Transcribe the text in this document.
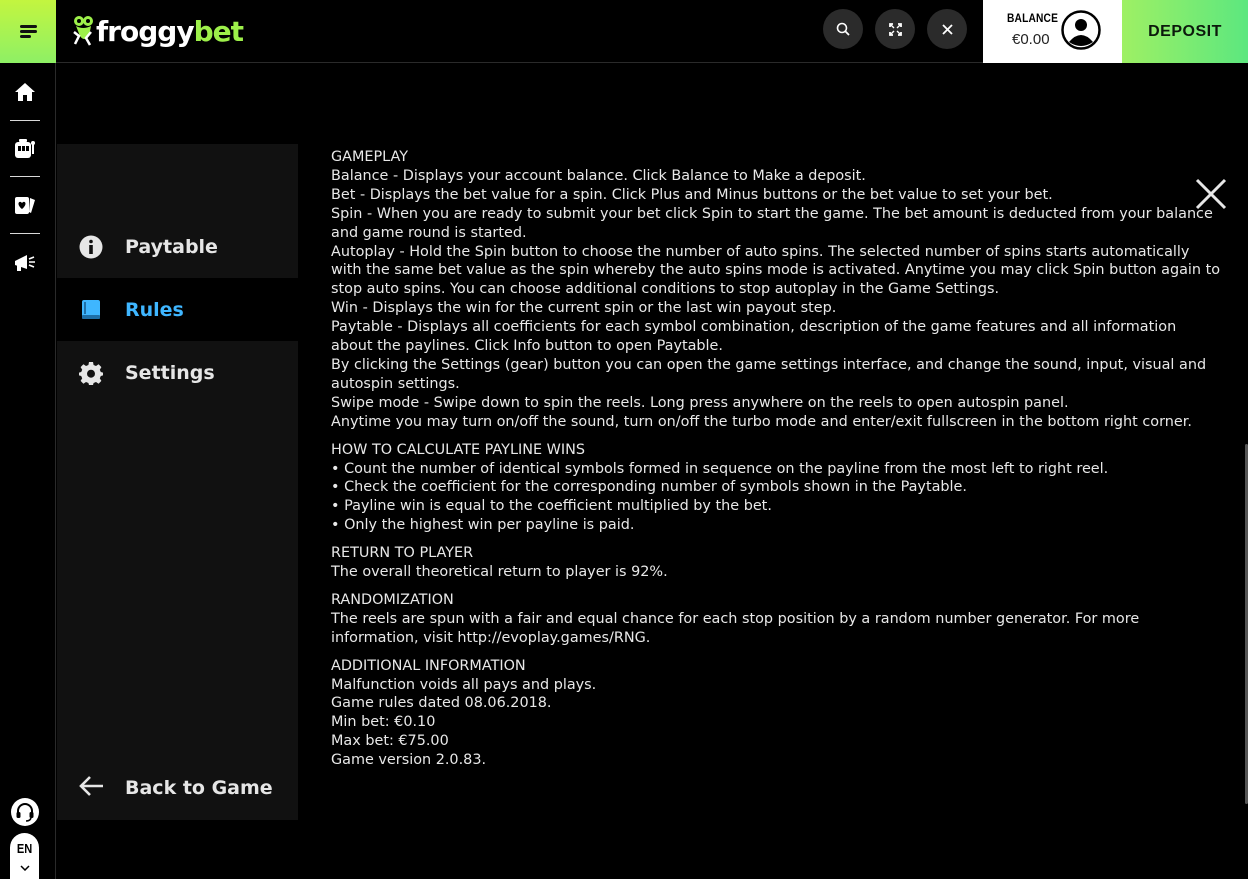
froggy bet	BALANCE
€0.00	DEPOSIT
EN
Paytable
Rules
Settings
Back to Game

GAMEPLAY

Balance - Displays your account balance. Click Balance to Make a deposit.

Bet - Displays the bet value for a spin. Click Plus and Minus buttons or the bet value to set your bet.

Spin - When you are ready to submit your bet click Spin to start the game. The bet amount is deducted from your balance and game round is started.

Autoplay - Hold the Spin button to choose the number of auto spins. The selected number of spins starts automatically with the same bet value as the spin whereby the auto spins mode is activated. Anytime you may click Spin button again to stop auto spins. You can choose additional conditions to stop autoplay in the Game Settings.

Win - Displays the win for the current spin or the last win payout step.

Paytable - Displays all coefficients for each symbol combination, description of the game features and all information about the paylines. Click Info button to open Paytable.

By clicking the Settings (gear) button you can open the game settings interface, and change the sound, input, visual and autospin settings.

Swipe mode - Swipe down to spin the reels. Long press anywhere on the reels to open autospin panel.

Anytime you may turn on/off the sound, turn on/off the turbo mode and enter/exit fullscreen in the bottom right corner.

HOW TO CALCULATE PAYLINE WINS

• Count the number of identical symbols formed in sequence on the payline from the most left to right reel.

• Check the coefficient for the corresponding number of symbols shown in the Paytable.

• Payline win is equal to the coefficient multiplied by the bet.

• Only the highest win per payline is paid.

RETURN TO PLAYER

The overall theoretical return to player is 92%.

RANDOMIZATION

The reels are spun with a fair and equal chance for each stop position by a random number generator. For more information, visit http://evoplay.games/RNG.

ADDITIONAL INFORMATION

Malfunction voids all pays and plays.

Game rules dated 08.06.2018.

Min bet: €0.10

Max bet: €75.00

Game version 2.0.83.
